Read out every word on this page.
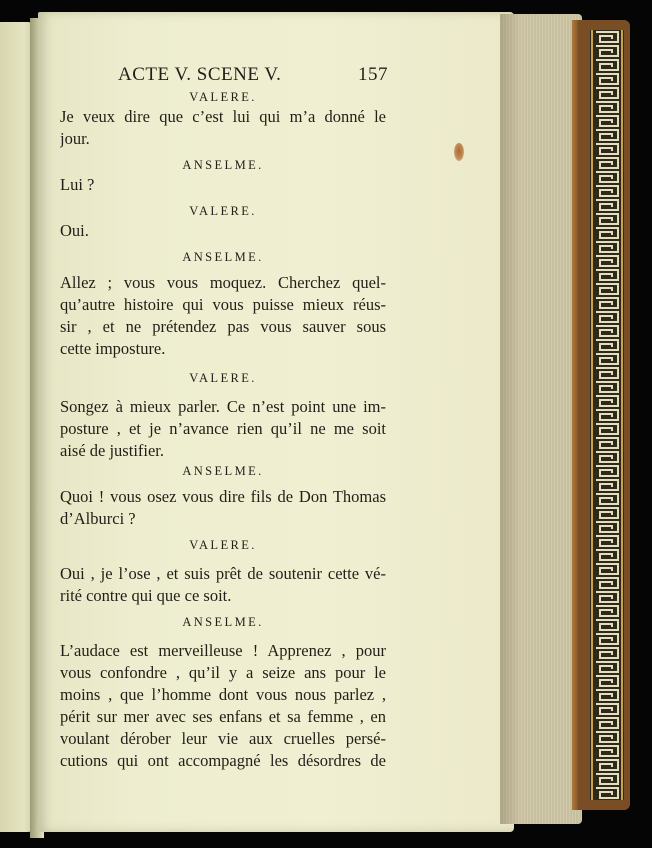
ACTE V. SCENE V.	157

VALERE.

Je veux dire que c’est lui qui m’a donné le

jour.

ANSELME.

Lui ?

VALERE.

Oui.

ANSELME.

Allez ; vous vous moquez. Cherchez quel-

qu’autre histoire qui vous puisse mieux réus-

sir , et ne prétendez pas vous sauver sous

cette imposture.

VALERE.

Songez à mieux parler. Ce n’est point une im-

posture , et je n’avance rien qu’il ne me soit

aisé de justifier.

ANSELME.

Quoi ! vous osez vous dire fils de Don Thomas

d’Alburci ?

VALERE.

Oui , je l’ose , et suis prêt de soutenir cette vé-

rité contre qui que ce soit.

ANSELME.

L’audace est merveilleuse ! Apprenez , pour

vous confondre , qu’il y a seize ans pour le

moins , que l’homme dont vous nous parlez ,

périt sur mer avec ses enfans et sa femme , en

voulant dérober leur vie aux cruelles persé-

cutions qui ont accompagné les désordres de
